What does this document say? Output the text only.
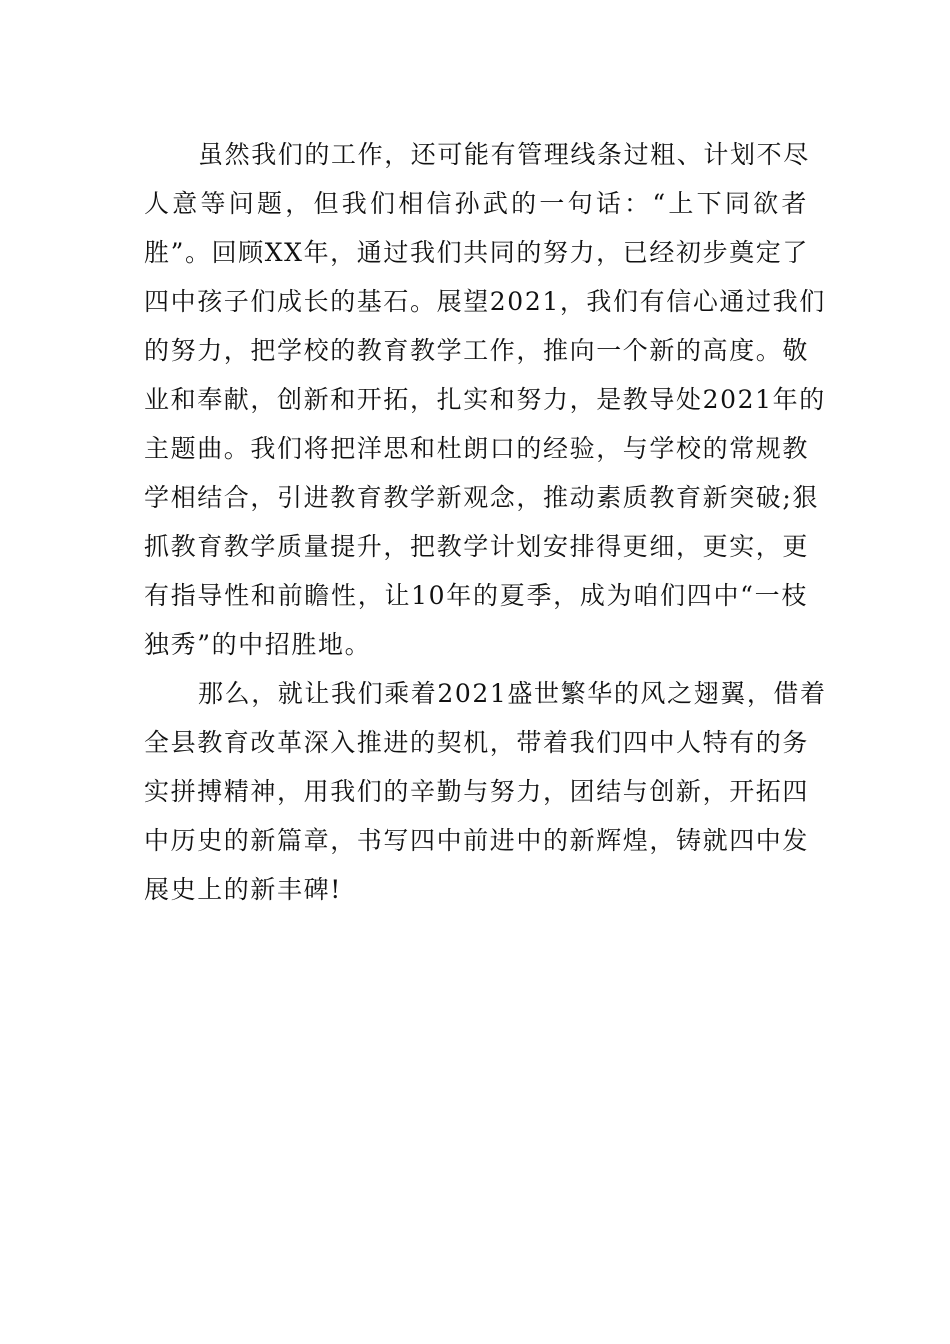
虽然我们的工作，还可能有管理线条过粗、计划不尽
人意等问题，但我们相信孙武的一句话：“上下同欲者
胜”。回顾XX年，通过我们共同的努力，已经初步奠定了
四中孩子们成长的基石。展望2021，我们有信心通过我们
的努力，把学校的教育教学工作，推向一个新的高度。敬
业和奉献，创新和开拓，扎实和努力，是教导处2021年的
主题曲。我们将把洋思和杜朗口的经验，与学校的常规教
学相结合，引进教育教学新观念，推动素质教育新突破;狠
抓教育教学质量提升，把教学计划安排得更细，更实，更
有指导性和前瞻性，让10年的夏季，成为咱们四中“一枝
独秀”的中招胜地。
那么，就让我们乘着2021盛世繁华的风之翅翼，借着
全县教育改革深入推进的契机，带着我们四中人特有的务
实拼搏精神，用我们的辛勤与努力，团结与创新，开拓四
中历史的新篇章，书写四中前进中的新辉煌，铸就四中发
展史上的新丰碑!
